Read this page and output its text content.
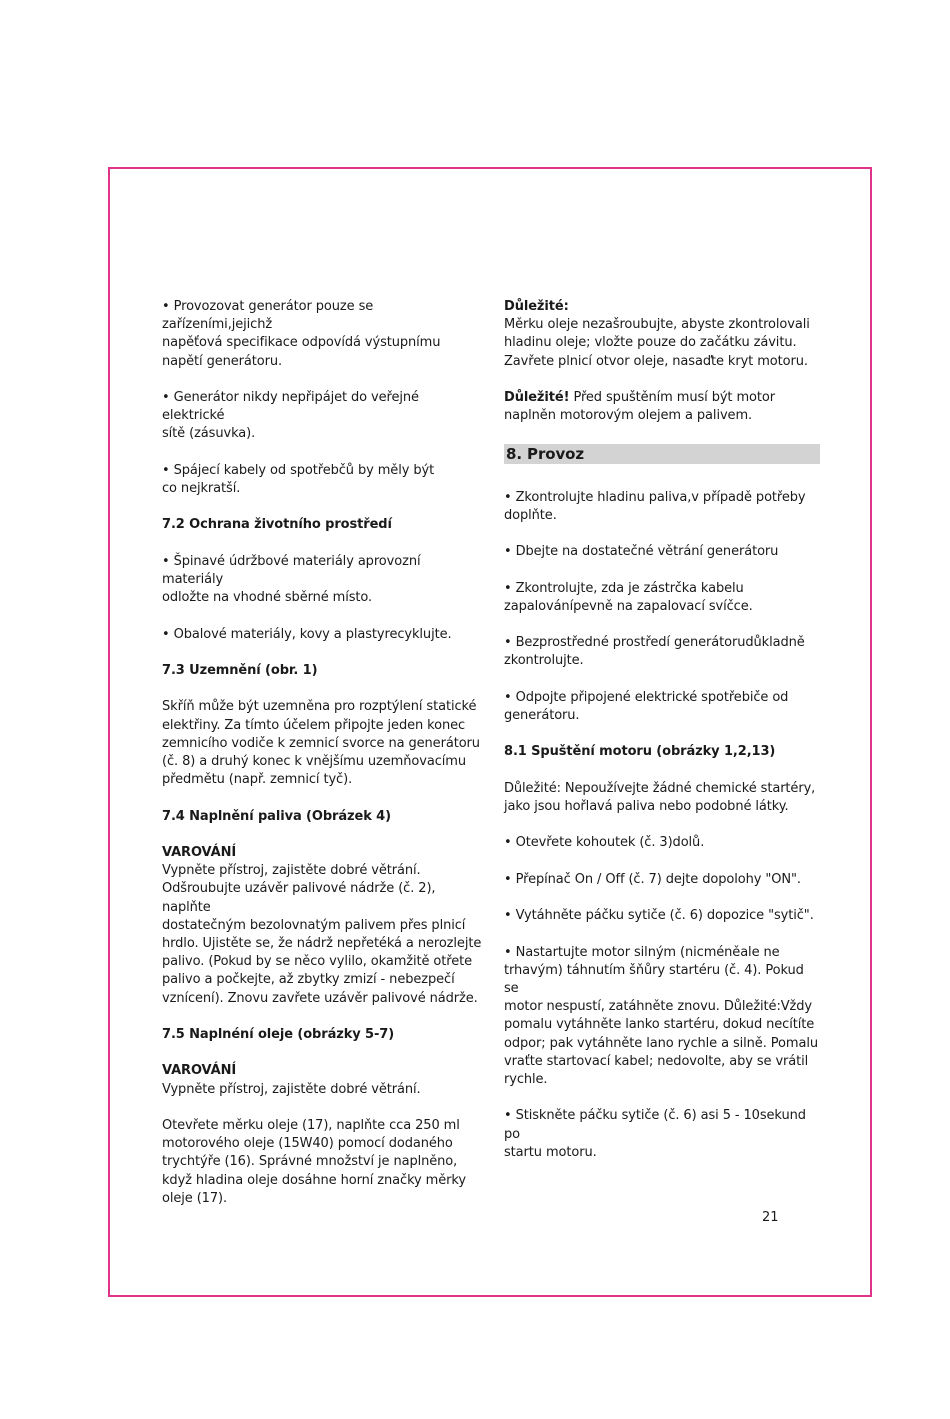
• Provozovat generátor pouze se zařízeními,jejichž
napěťová specifikace odpovídá výstupnímu
napětí generátoru.

• Generátor nikdy nepřipájet do veřejné elektrické
sítě (zásuvka).

• Spájecí kabely od spotřebčů by měly být
co nejkratší.

7.2 Ochrana životního prostředí

• Špinavé údržbové materiály aprovozní materiály
odložte na vhodné sběrné místo.

• Obalové materiály, kovy a plastyrecyklujte.

7.3 Uzemnění (obr. 1)

Skříň může být uzemněna pro rozptýlení statické
elektřiny. Za tímto účelem připojte jeden konec
zemnicího vodiče k zemnicí svorce na generátoru
(č. 8) a druhý konec k vnějšímu uzemňovacímu
předmětu (např. zemnicí tyč).

7.4 Naplnění paliva (Obrázek 4)
VAROVÁNÍ

Vypněte přístroj, zajistěte dobré větrání.
Odšroubujte uzávěr palivové nádrže (č. 2), naplňte
dostatečným bezolovnatým palivem přes plnicí
hrdlo. Ujistěte se, že nádrž nepřetéká a nerozlejte
palivo. (Pokud by se něco vylilo, okamžitě otřete
palivo a počkejte, až zbytky zmizí - nebezpečí
vznícení). Znovu zavřete uzávěr palivové nádrže.

7.5 Naplnéní oleje (obrázky 5-7)
VAROVÁNÍ

Vypněte přístroj, zajistěte dobré větrání.

Otevřete měrku oleje (17), naplňte cca 250 ml
motorového oleje (15W40) pomocí dodaného
trychtýře (16). Správné množství je naplněno,
když hladina oleje dosáhne horní značky měrky
oleje (17).

Důležité:

Měrku oleje nezašroubujte, abyste zkontrolovali
hladinu oleje; vložte pouze do začátku závitu.
Zavřete plnicí otvor oleje, nasaďte kryt motoru.

Důležité! Před spuštěním musí být motor
naplněn motorovým olejem a palivem.

8. Provoz

• Zkontrolujte hladinu paliva,v případě potřeby
doplňte.

• Dbejte na dostatečné větrání generátoru

• Zkontrolujte, zda je zástrčka kabelu
zapalovánípevně na zapalovací svíčce.

• Bezprostředné prostředí generátorudůkladně
zkontrolujte.

• Odpojte připojené elektrické spotřebiče od
generátoru.

8.1 Spuštění motoru (obrázky 1,2,13)

Důležité: Nepoužívejte žádné chemické startéry,
jako jsou hořlavá paliva nebo podobné látky.

• Otevřete kohoutek (č. 3)dolů.

• Přepínač On / Off (č. 7) dejte dopolohy "ON".

• Vytáhněte páčku sytiče (č. 6) dopozice "sytič".

• Nastartujte motor silným (nicméněale ne
trhavým) táhnutím šňůry startéru (č. 4). Pokud se
motor nespustí, zatáhněte znovu. Důležité:Vždy
pomalu vytáhněte lanko startéru, dokud necítíte
odpor; pak vytáhněte lano rychle a silně. Pomalu
vraťte startovací kabel; nedovolte, aby se vrátil
rychle.

• Stiskněte páčku sytiče (č. 6) asi 5 - 10sekund po
startu motoru.

21
